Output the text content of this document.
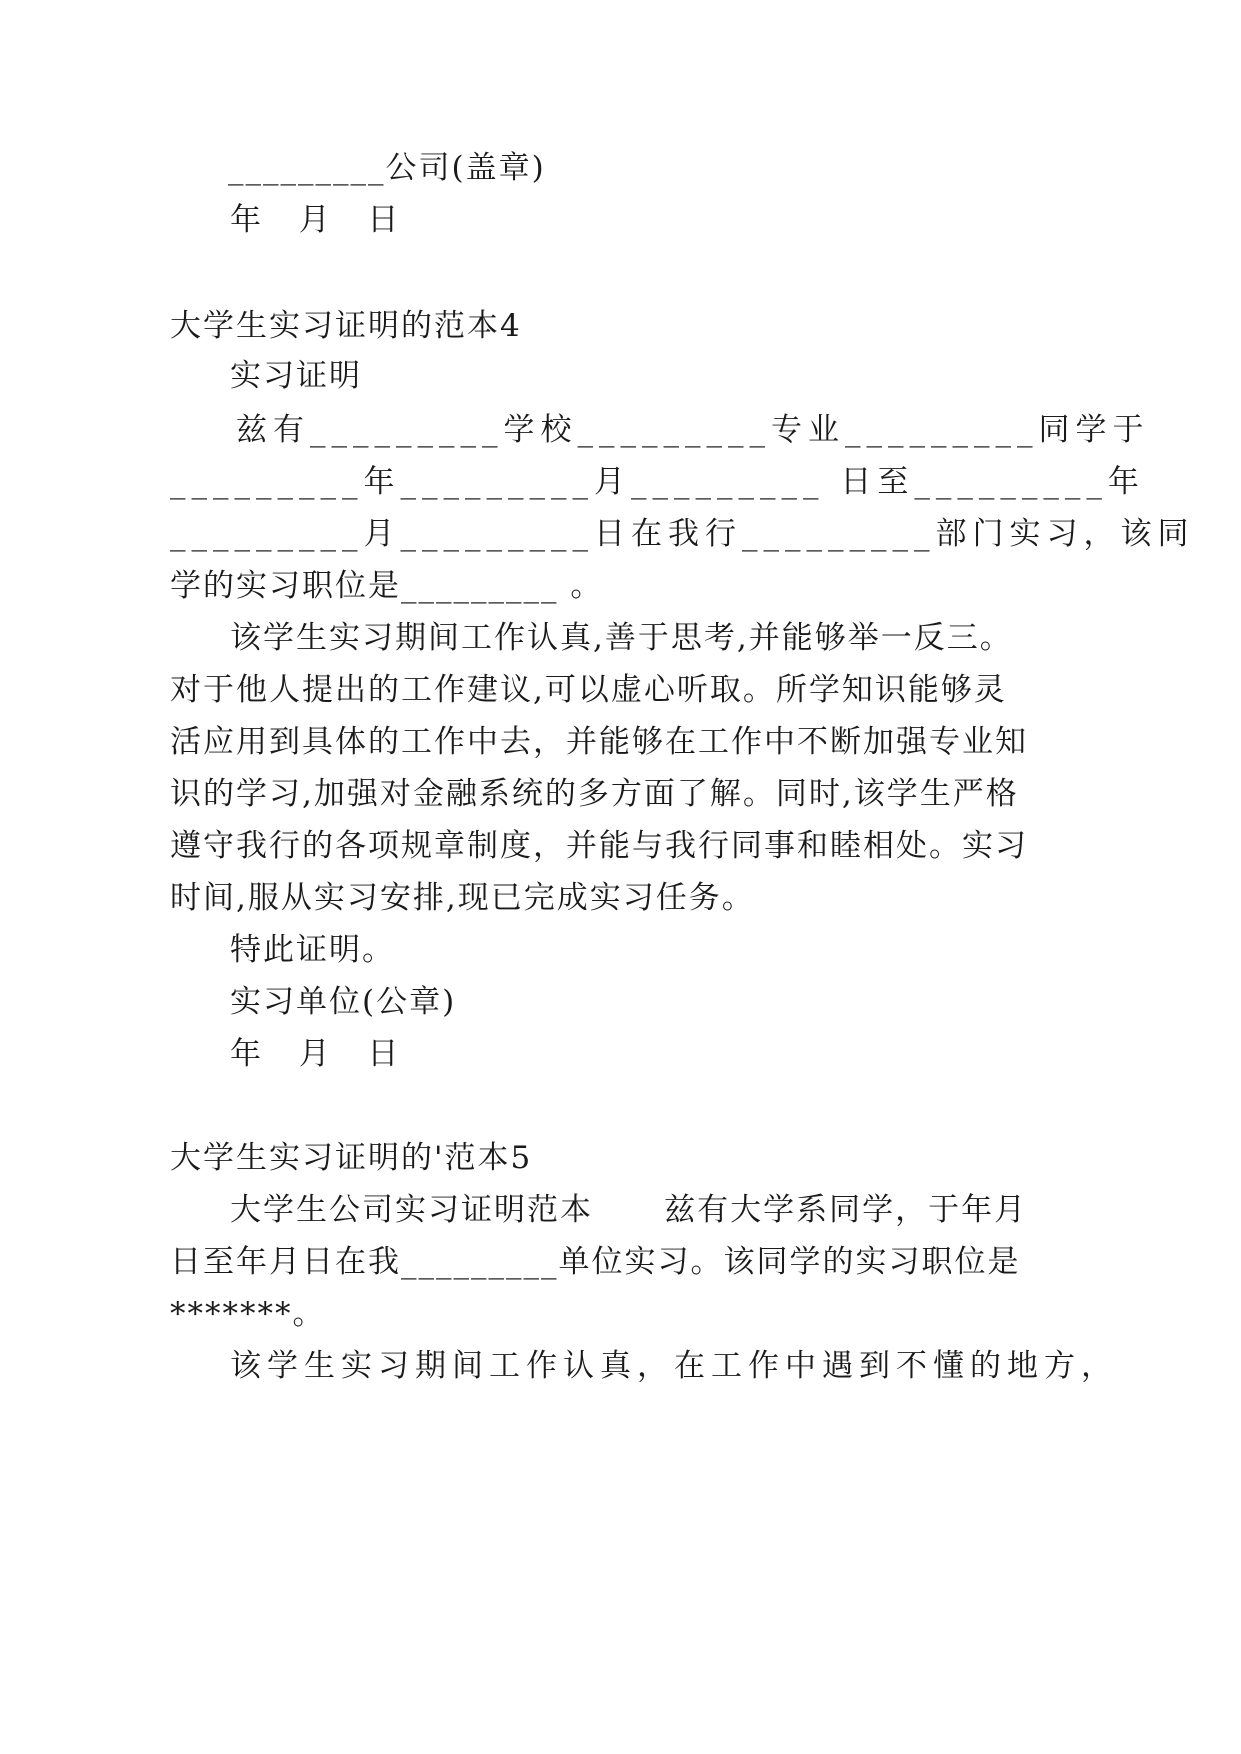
_________公司(盖章)

年  月  日

大学生实习证明的范本4

实习证明

兹有_________学校_________专业_________同学于

_________年_________月_________ 日至_________年

_________月_________日在我行_________部门实习，该同

学的实习职位是_________ 。

该学生实习期间工作认真,善于思考,并能够举一反三。

对于他人提出的工作建议,可以虚心听取。所学知识能够灵

活应用到具体的工作中去，并能够在工作中不断加强专业知

识的学习,加强对金融系统的多方面了解。同时,该学生严格

遵守我行的各项规章制度，并能与我行同事和睦相处。实习

时间,服从实习安排,现已完成实习任务。

特此证明。

实习单位(公章)

年  月  日

大学生实习证明的'范本5

大学生公司实习证明范本      兹有大学系同学，于年月

日至年月日在我_________单位实习。该同学的实习职位是

*******。

该学生实习期间工作认真，在工作中遇到不懂的地方，
